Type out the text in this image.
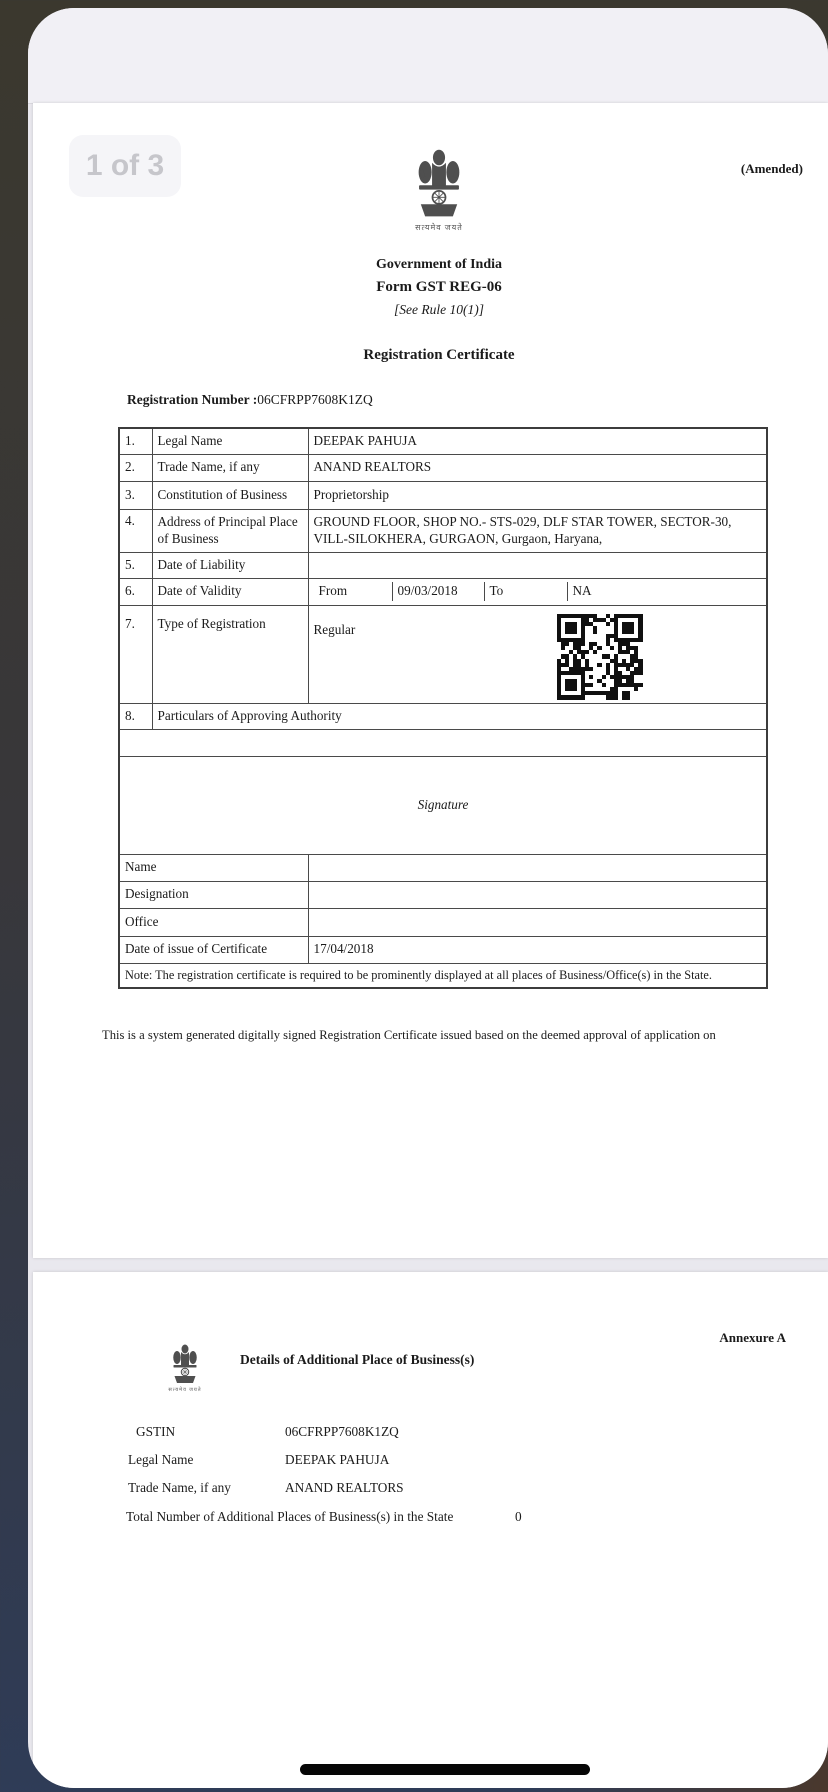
1 of 3	(Amended)
सत्यमेव जयते
Government of India
Form GST REG-06
[See Rule 10(1)]
Registration Certificate
Registration Number :06CFRPP7608K1ZQ
1.	Legal Name	DEEPAK PAHUJA
2.	Trade Name, if any	ANAND REALTORS
3.	Constitution of Business	Proprietorship
4.	Address of Principal Place of Business	GROUND FLOOR, SHOP NO.- STS-029, DLF STAR TOWER, SECTOR-30, VILL-SILOKHERA, GURGAON, Gurgaon, Haryana,
5.	Date of Liability	
6.	Date of Validity	From 09/03/2018 To NA

7.	Type of Registration	Regular

8.	Particulars of Approving Authority	

Signature		
Name		
Designation		
Office		
Date of issue of Certificate		17/04/2018
Note: The registration certificate is required to be prominently displayed at all places of Business/Office(s) in the State.		
This is a system generated digitally signed Registration Certificate issued based on the deemed approval of application on
Annexure A
सत्यमेव जयते
Details of Additional Place of Business(s)
GSTIN	06CFRPP7608K1ZQ
Legal Name	DEEPAK PAHUJA
Trade Name, if any	ANAND REALTORS
Total Number of Additional Places of Business(s) in the State	0
